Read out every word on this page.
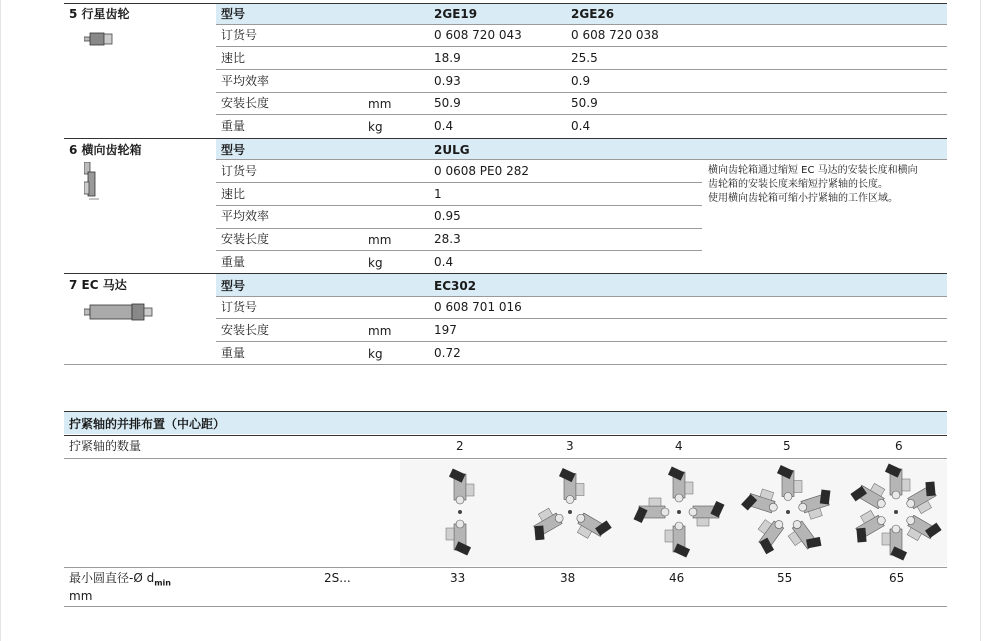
5 行星齿轮	型号	2GE19	2GE26
订货号	0 608 720 043	0 608 720 038
速比	18.9	25.5
平均效率	0.93	0.9
安装长度	mm	50.9	50.9
重量	kg	0.4	0.4
6 横向齿轮箱	型号	2ULG
订货号	0 0608 PE0 282
速比	1
平均效率	0.95
安装长度	mm	28.3
重量	kg	0.4
横向齿轮箱通过缩短 EC 马达的安装长度和横向
齿轮箱的安装长度来缩短拧紧轴的长度。
使用横向齿轮箱可缩小拧紧轴的工作区域。
7 EC 马达	型号	EC302
订货号	0 608 701 016
安装长度	mm	197
重量	kg	0.72
拧紧轴的并排布置（中心距）
拧紧轴的数量	2	3	4	5	6
最小圆直径-Ø $d_{min}$
mm
2S...	33	38	46	55	65
